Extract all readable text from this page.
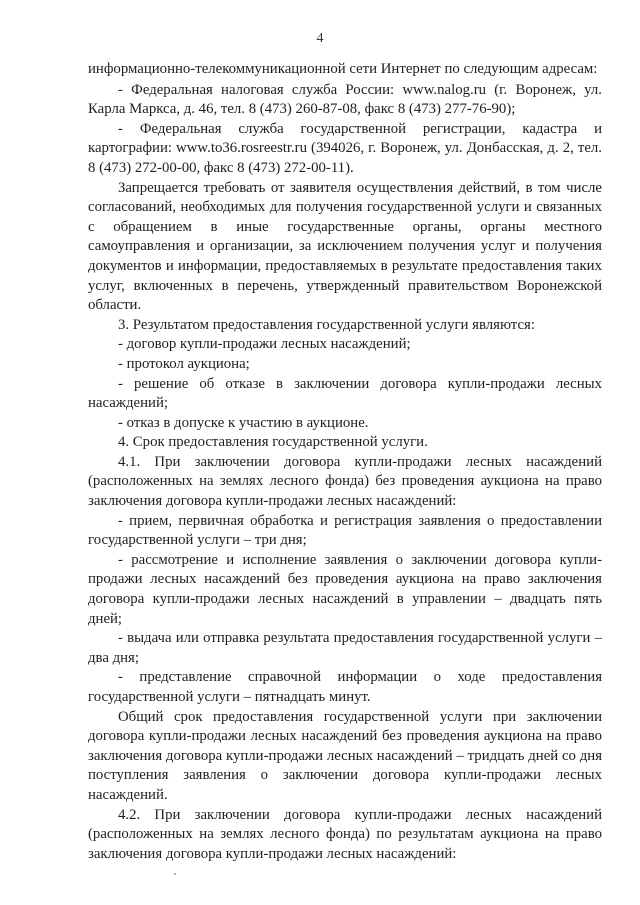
4

информационно-телекоммуникационной сети Интернет по следующим адресам:

- Федеральная налоговая служба России: www.nalog.ru (г. Воронеж, ул. Карла Маркса, д. 46, тел. 8 (473) 260-87-08, факс 8 (473) 277-76-90);

- Федеральная служба государственной регистрации, кадастра и картографии: www.to36.rosreestr.ru (394026, г. Воронеж, ул. Донбасская, д. 2, тел. 8 (473) 272-00-00, факс 8 (473) 272-00-11).

Запрещается требовать от заявителя осуществления действий, в том числе согласований, необходимых для получения государственной услуги и связанных с обращением в иные государственные органы, органы местного самоуправления и организации, за исключением получения услуг и получения документов и информации, предоставляемых в результате предоставления таких услуг, включенных в перечень, утвержденный правительством Воронежской области.

3. Результатом предоставления государственной услуги являются:

- договор купли-продажи лесных насаждений;

- протокол аукциона;

- решение об отказе в заключении договора купли-продажи лесных насаждений;

- отказ в допуске к участию в аукционе.

4. Срок предоставления государственной услуги.

4.1. При заключении договора купли-продажи лесных насаждений (расположенных на землях лесного фонда) без проведения аукциона на право заключения договора купли-продажи лесных насаждений:

- прием, первичная обработка и регистрация заявления о предоставлении государственной услуги – три дня;

- рассмотрение и исполнение заявления о заключении договора купли-продажи лесных насаждений без проведения аукциона на право заключения договора купли-продажи лесных насаждений в управлении – двадцать пять дней;

- выдача или отправка результата предоставления государственной услуги – два дня;

- представление справочной информации о ходе предоставления государственной услуги – пятнадцать минут.

Общий срок предоставления государственной услуги при заключении договора купли-продажи лесных насаждений без проведения аукциона на право заключения договора купли-продажи лесных насаждений – тридцать дней со дня поступления заявления о заключении договора купли-продажи лесных насаждений.

4.2. При заключении договора купли-продажи лесных насаждений (расположенных на землях лесного фонда) по результатам аукциона на право заключения договора купли-продажи лесных насаждений:
